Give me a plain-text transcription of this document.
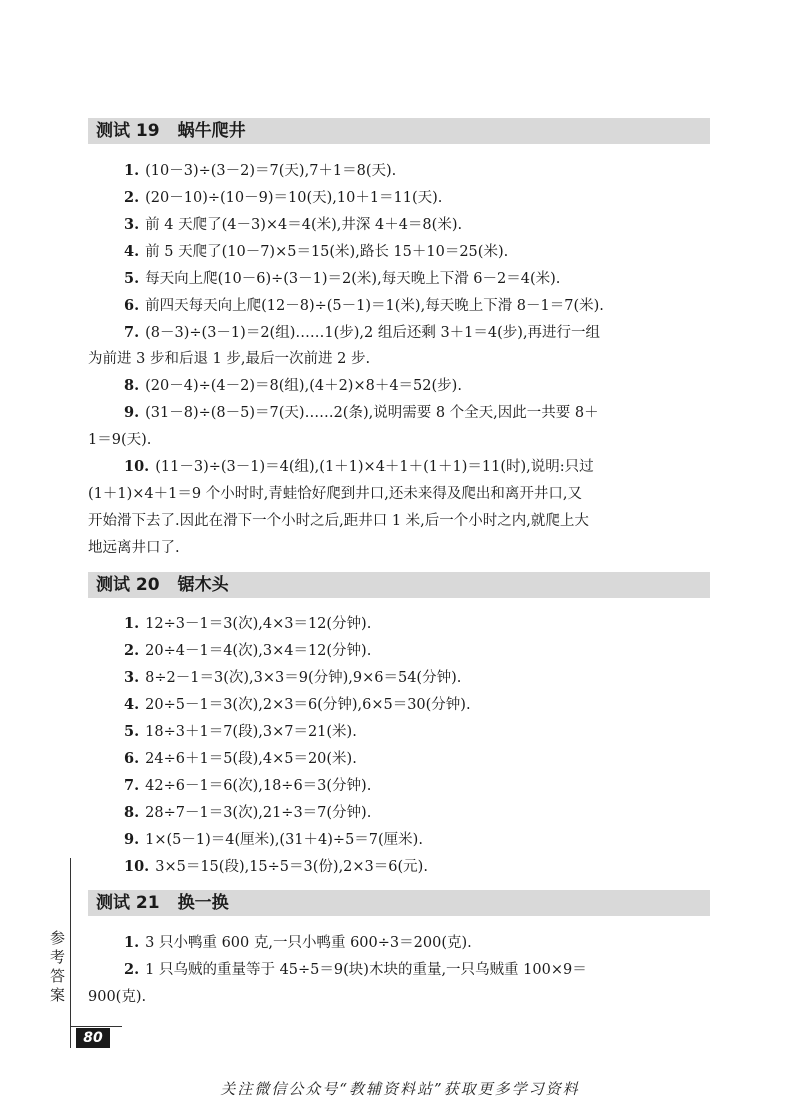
测试 19 蜗牛爬井
1. (10－3)÷(3－2)＝7(天),7＋1＝8(天).
2. (20－10)÷(10－9)＝10(天),10＋1＝11(天).
3. 前 4 天爬了(4－3)×4＝4(米),井深 4＋4＝8(米).
4. 前 5 天爬了(10－7)×5＝15(米),路长 15＋10＝25(米).
5. 每天向上爬(10－6)÷(3－1)＝2(米),每天晚上下滑 6－2＝4(米).
6. 前四天每天向上爬(12－8)÷(5－1)＝1(米),每天晚上下滑 8－1＝7(米).
7. (8－3)÷(3－1)＝2(组)……1(步),2 组后还剩 3＋1＝4(步),再进行一组
为前进 3 步和后退 1 步,最后一次前进 2 步.
8. (20－4)÷(4－2)＝8(组),(4＋2)×8＋4＝52(步).
9. (31－8)÷(8－5)＝7(天)……2(条),说明需要 8 个全天,因此一共要 8＋
1＝9(天).
10. (11－3)÷(3－1)＝4(组),(1＋1)×4＋1＋(1＋1)＝11(时),说明:只过
(1＋1)×4＋1＝9 个小时时,青蛙恰好爬到井口,还未来得及爬出和离开井口,又
开始滑下去了.因此在滑下一个小时之后,距井口 1 米,后一个小时之内,就爬上大
地远离井口了.
测试 20 锯木头
1. 12÷3－1＝3(次),4×3＝12(分钟).
2. 20÷4－1＝4(次),3×4＝12(分钟).
3. 8÷2－1＝3(次),3×3＝9(分钟),9×6＝54(分钟).
4. 20÷5－1＝3(次),2×3＝6(分钟),6×5＝30(分钟).
5. 18÷3＋1＝7(段),3×7＝21(米).
6. 24÷6＋1＝5(段),4×5＝20(米).
7. 42÷6－1＝6(次),18÷6＝3(分钟).
8. 28÷7－1＝3(次),21÷3＝7(分钟).
9. 1×(5－1)＝4(厘米),(31＋4)÷5＝7(厘米).
10. 3×5＝15(段),15÷5＝3(份),2×3＝6(元).
测试 21 换一换
1. 3 只小鸭重 600 克,一只小鸭重 600÷3＝200(克).
2. 1 只乌贼的重量等于 45÷5＝9(块)木块的重量,一只乌贼重 100×9＝
900(克).
参考答案
80
关注微信公众号“教辅资料站”获取更多学习资料
